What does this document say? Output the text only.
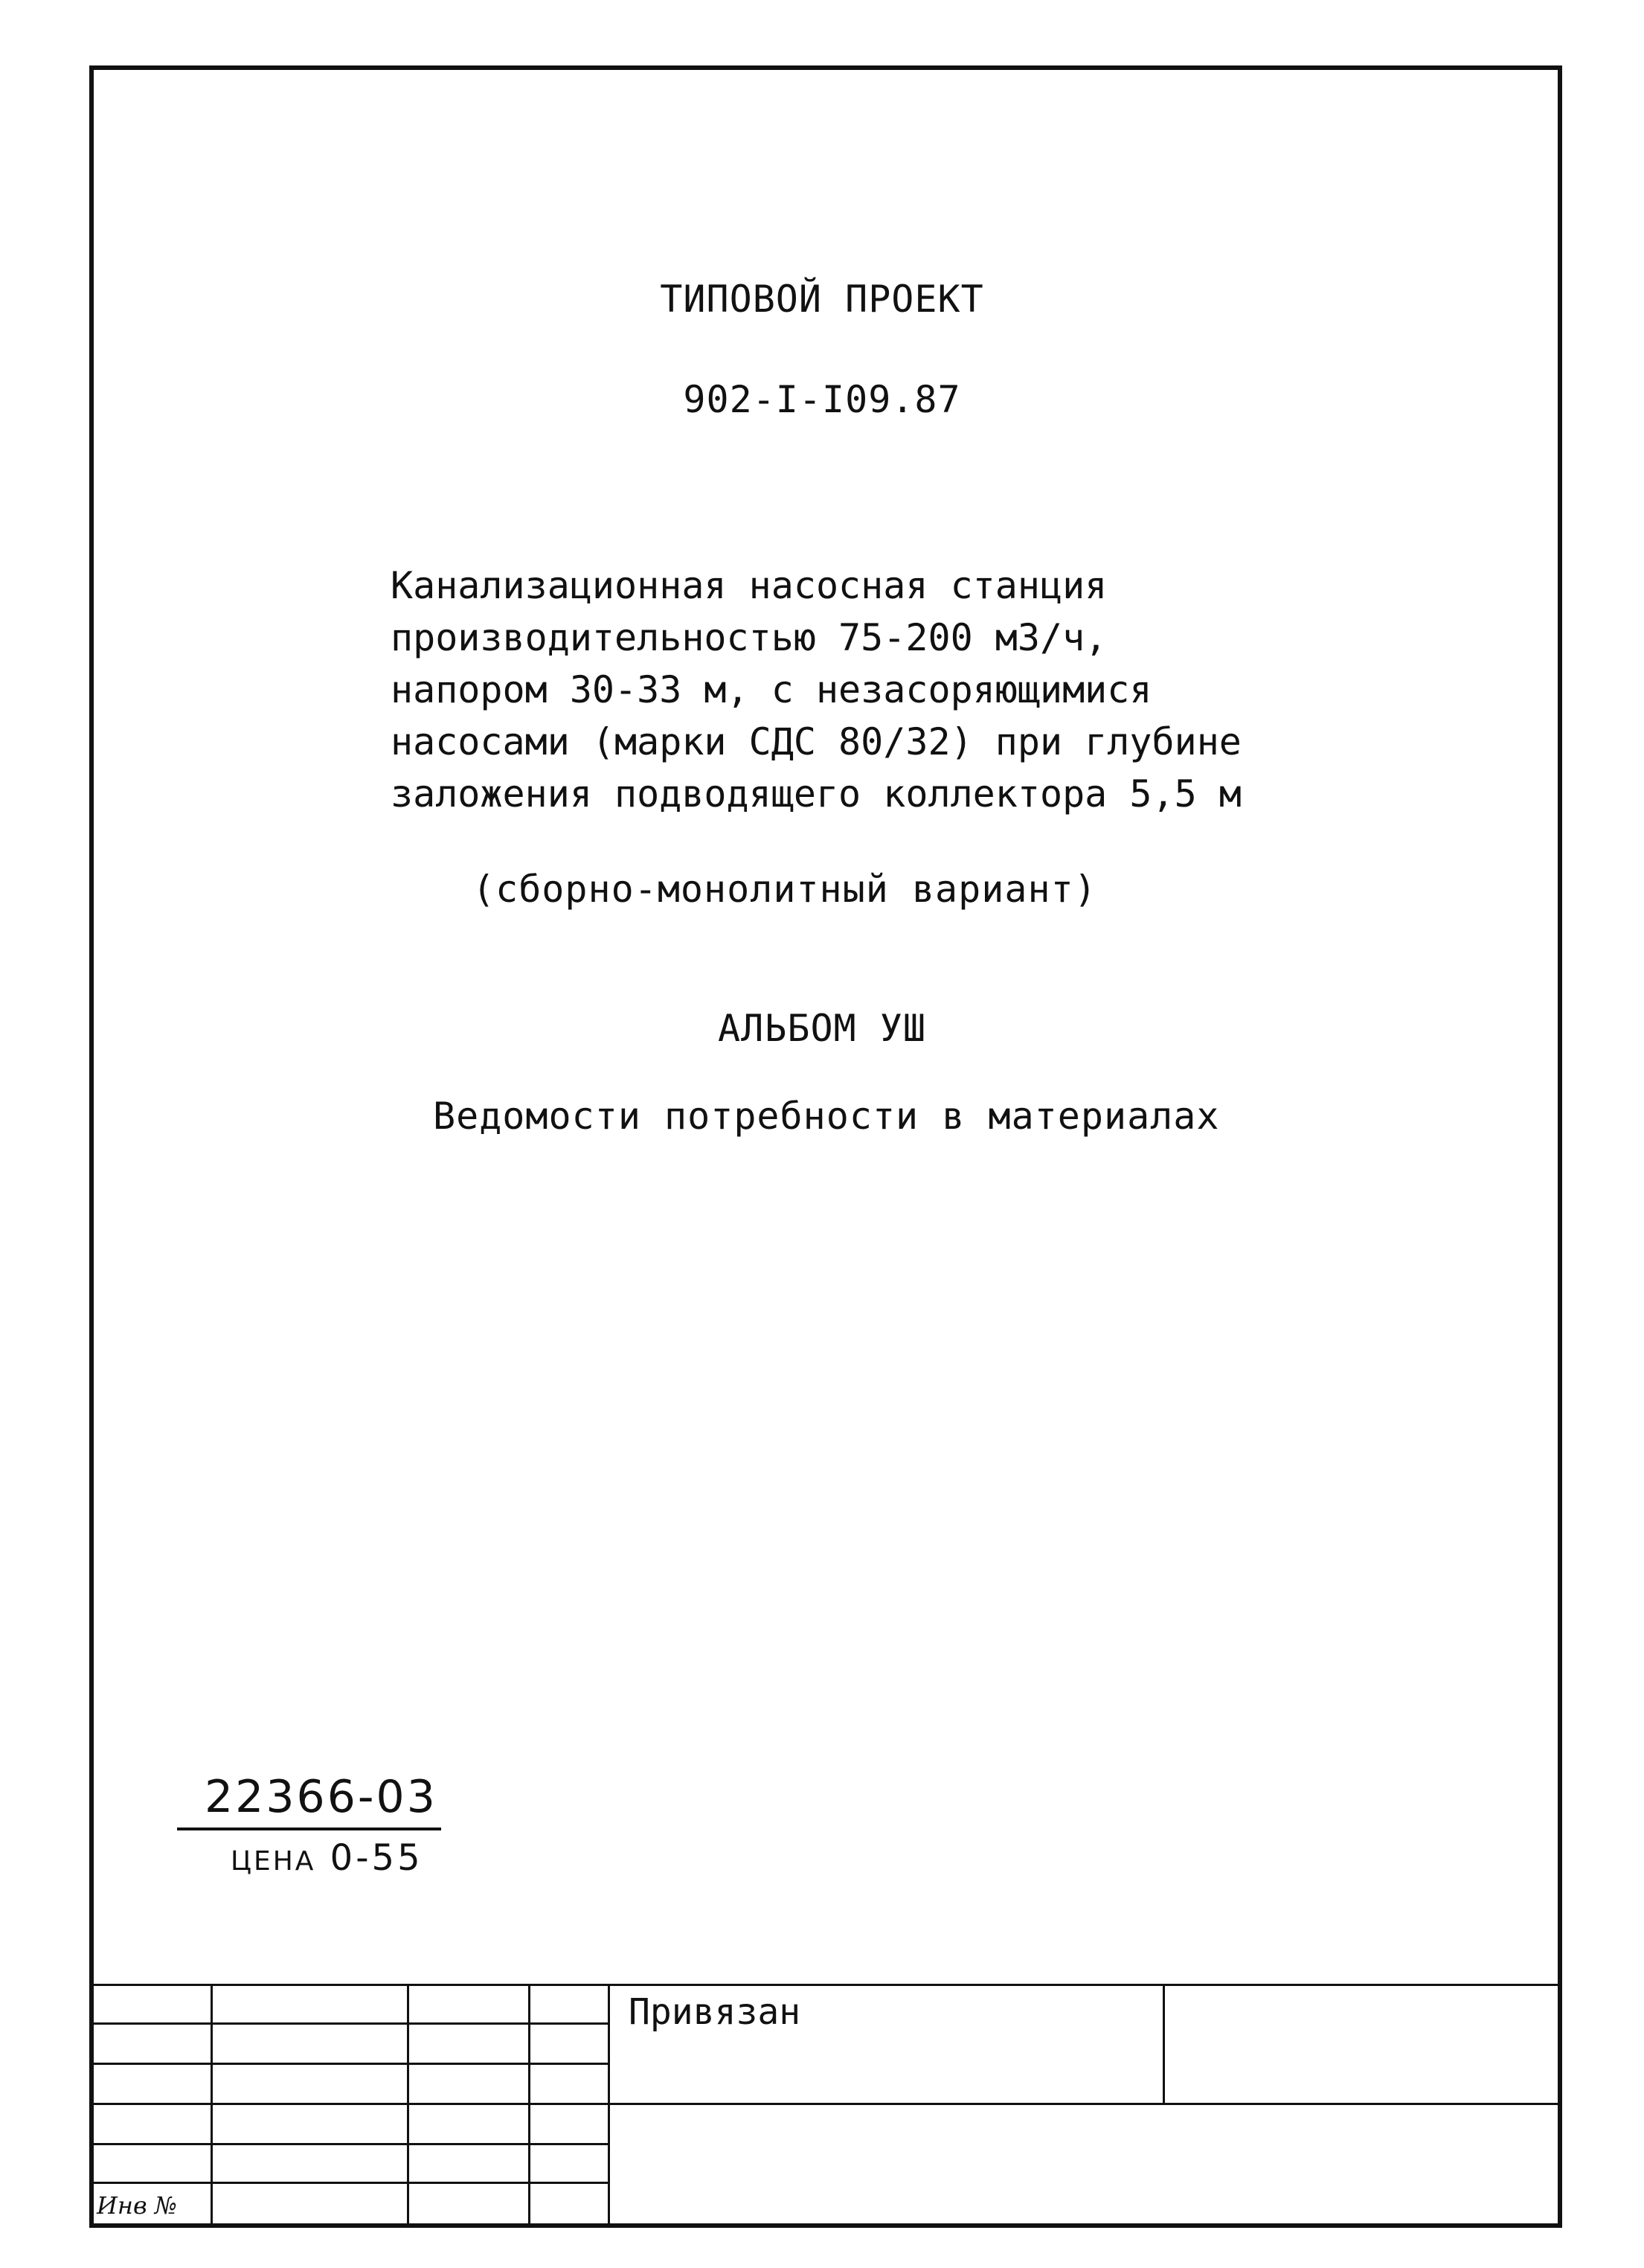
ТИПОВОЙ ПРОЕКТ
902-I-I09.87
Канализационная насосная станция
производительностью 75-200 м3/ч,
напором 30-33 м, с незасоряющимися
насосами (марки СДС 80/32) при глубине
заложения подводящего коллектора 5,5 м
(сборно-монолитный вариант)
АЛЬБОМ УШ
Ведомости потребности в материалах
22366-03
ЦЕНА 0-55
Привязан
Инв №
